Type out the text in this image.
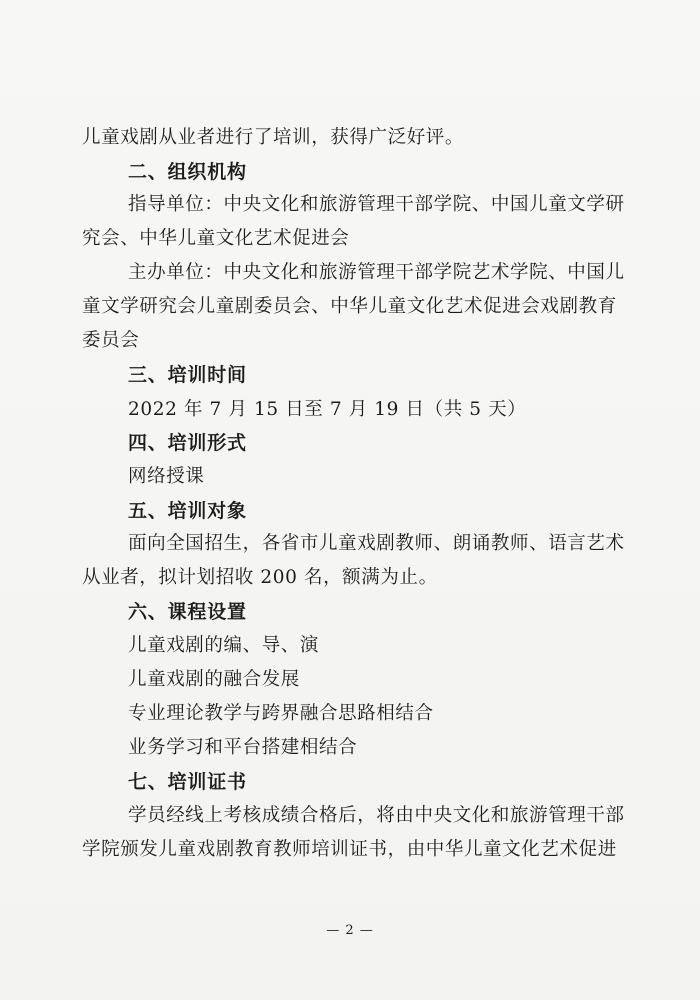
儿童戏剧从业者进行了培训，获得广泛好评。
二、组织机构
指导单位：中央文化和旅游管理干部学院、中国儿童文学研
究会、中华儿童文化艺术促进会
主办单位：中央文化和旅游管理干部学院艺术学院、中国儿
童文学研究会儿童剧委员会、中华儿童文化艺术促进会戏剧教育
委员会
三、培训时间
2022 年 7 月 15 日至 7 月 19 日（共 5 天）
四、培训形式
网络授课
五、培训对象
面向全国招生，各省市儿童戏剧教师、朗诵教师、语言艺术
从业者，拟计划招收 200 名，额满为止。
六、课程设置
儿童戏剧的编、导、演
儿童戏剧的融合发展
专业理论教学与跨界融合思路相结合
业务学习和平台搭建相结合
七、培训证书
学员经线上考核成绩合格后，将由中央文化和旅游管理干部
学院颁发儿童戏剧教育教师培训证书，由中华儿童文化艺术促进
— 2 —
